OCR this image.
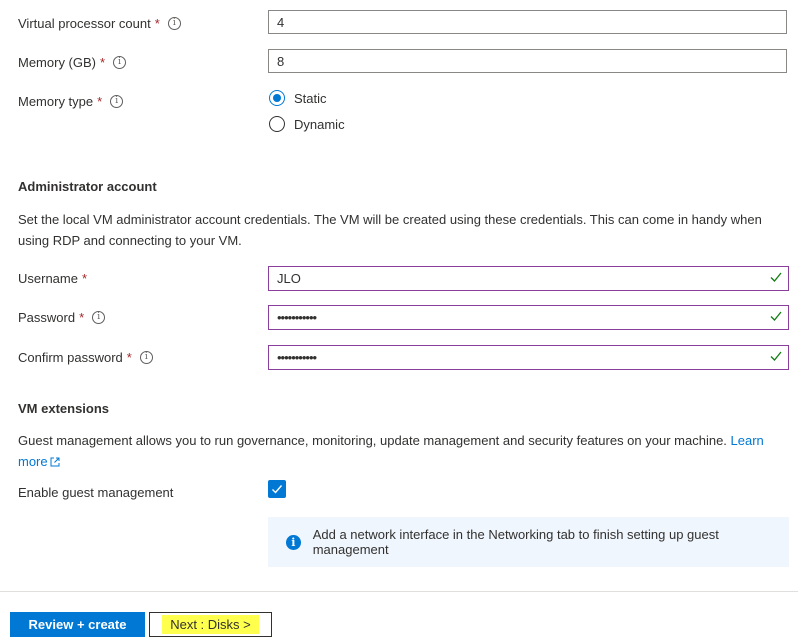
Virtual processor count *	i	4
Memory (GB) *	i	8
Memory type *	i	Static
Dynamic
Administrator account
Set the local VM administrator account credentials. The VM will be created using these credentials. This can come in handy when using RDP and connecting to your VM.
Username *	JLO
Password *	i	•••••••••••
Confirm password *	i	•••••••••••
VM extensions
Guest management allows you to run governance, monitoring, update management and security features on your machine. Learn more
Enable guest management
i	Add a network interface in the Networking tab to finish setting up guest management
Review + create	Next : Disks >
